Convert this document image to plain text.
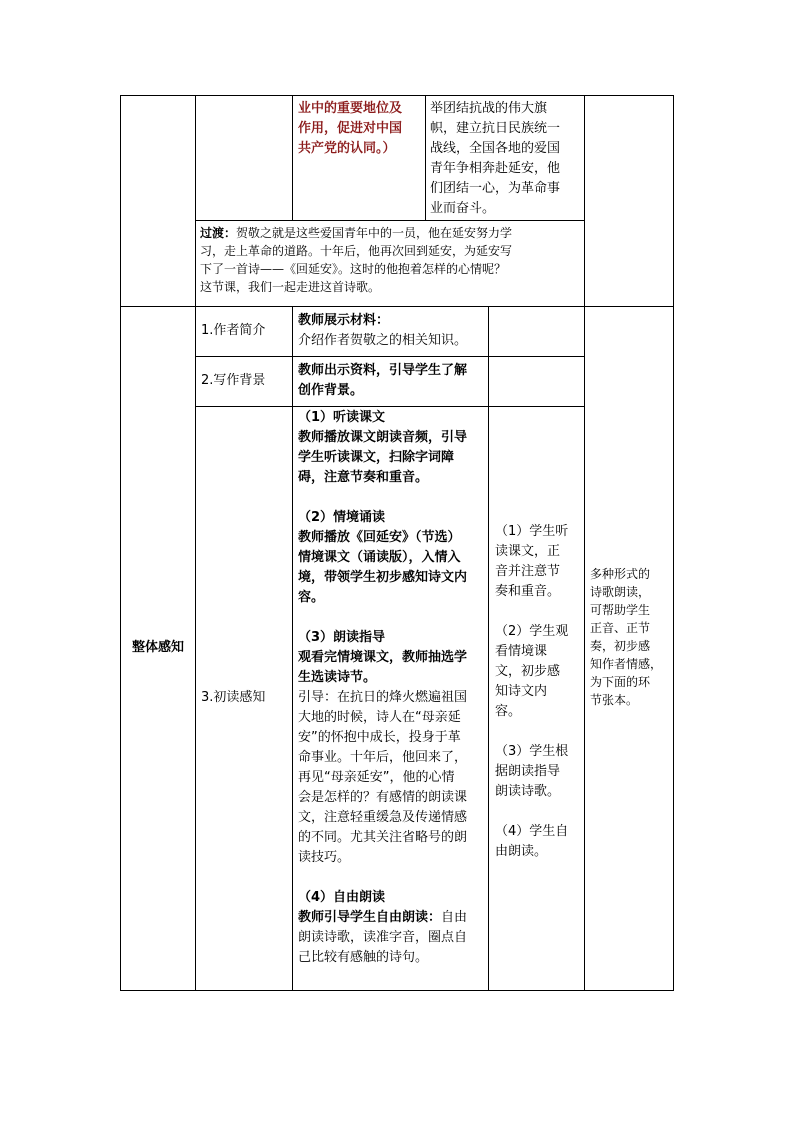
业中的重要地位及

作用，促进对中国

共产党的认同。）

举团结抗战的伟大旗

帜，建立抗日民族统一

战线，全国各地的爱国

青年争相奔赴延安，他

们团结一心，为革命事

业而奋斗。

过渡：贺敬之就是这些爱国青年中的一员，他在延安努力学

习，走上革命的道路。十年后，他再次回到延安，为延安写

下了一首诗——《回延安》。这时的他抱着怎样的心情呢？

这节课，我们一起走进这首诗歌。

整体感知
1.作者简介

教师展示材料：

介绍作者贺敬之的相关知识。

2.写作背景

教师出示资料，引导学生了解

创作背景。

3.初读感知

（1）听读课文

教师播放课文朗读音频，引导

学生听读课文，扫除字词障

碍，注意节奏和重音。

（2）情境诵读

教师播放《回延安》（节选）

情境课文（诵读版），入情入

境，带领学生初步感知诗文内

容。

（3）朗读指导

观看完情境课文，教师抽选学

生选读诗节。

引导：在抗日的烽火燃遍祖国

大地的时候，诗人在“母亲延

安”的怀抱中成长，投身于革

命事业。十年后，他回来了，

再见“母亲延安”，他的心情

会是怎样的？有感情的朗读课

文，注意轻重缓急及传递情感

的不同。尤其关注省略号的朗

读技巧。

（4）自由朗读

教师引导学生自由朗读：自由

朗读诗歌，读准字音，圈点自

己比较有感触的诗句。

（1）学生听

读课文，正

音并注意节

奏和重音。

（2）学生观

看情境课

文，初步感

知诗文内

容。

（3）学生根

据朗读指导

朗读诗歌。

（4）学生自

由朗读。

多种形式的

诗歌朗读，

可帮助学生

正音、正节

奏，初步感

知作者情感，

为下面的环

节张本。
